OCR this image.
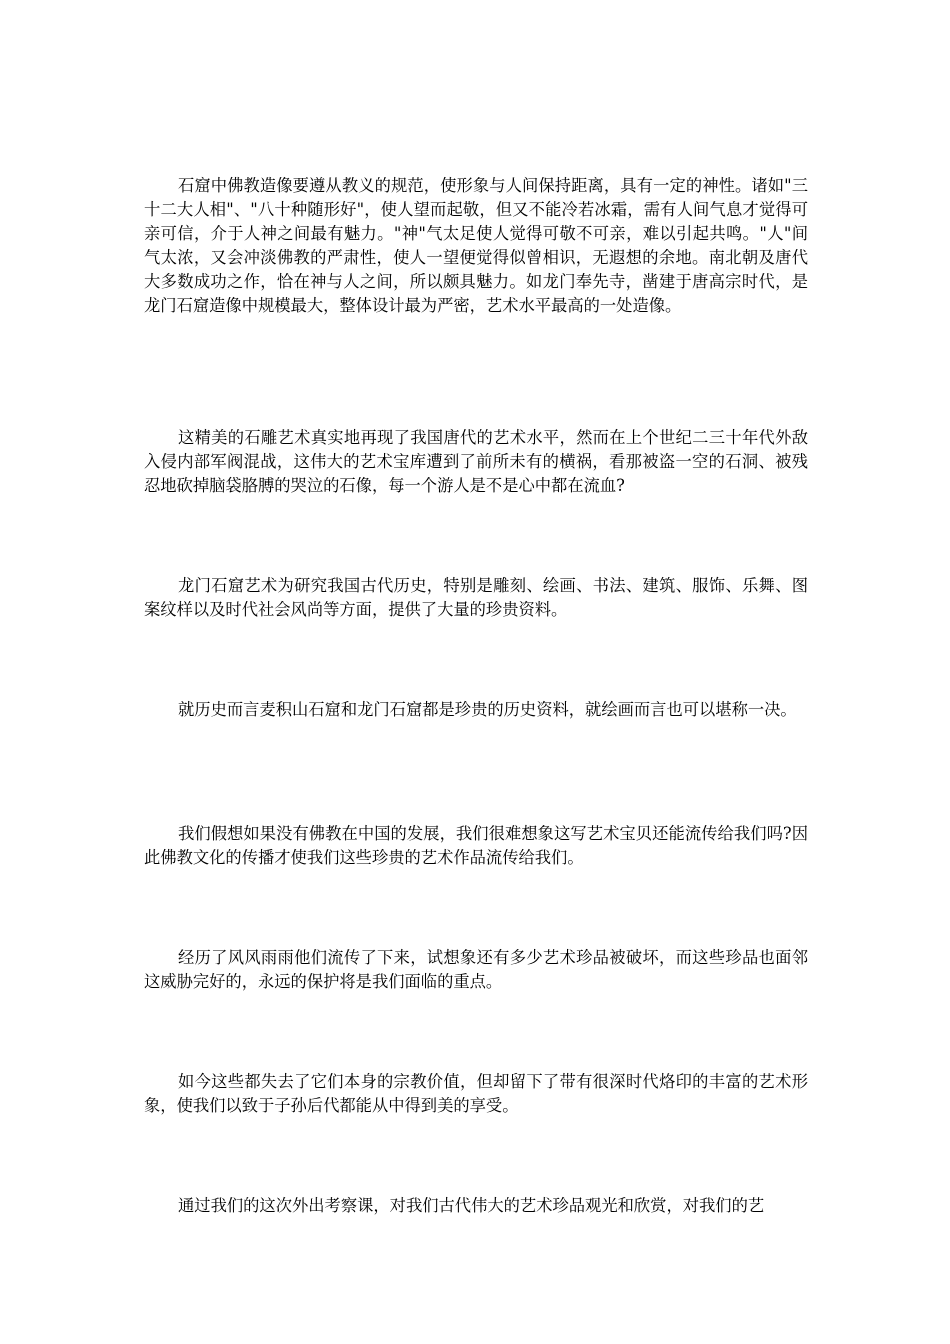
石窟中佛教造像要遵从教义的规范，使形象与人间保持距离，具有一定的神性。诸如"三十二大人相"、"八十种随形好"，使人望而起敬，但又不能冷若冰霜，需有人间气息才觉得可亲可信，介于人神之间最有魅力。"神"气太足使人觉得可敬不可亲，难以引起共鸣。"人"间气太浓，又会冲淡佛教的严肃性，使人一望便觉得似曾相识，无遐想的余地。南北朝及唐代大多数成功之作，恰在神与人之间，所以颇具魅力。如龙门奉先寺，凿建于唐高宗时代，是龙门石窟造像中规模最大，整体设计最为严密，艺术水平最高的一处造像。

这精美的石雕艺术真实地再现了我国唐代的艺术水平，然而在上个世纪二三十年代外敌入侵内部军阀混战，这伟大的艺术宝库遭到了前所未有的横祸，看那被盗一空的石洞、被残忍地砍掉脑袋胳膊的哭泣的石像，每一个游人是不是心中都在流血?

龙门石窟艺术为研究我国古代历史，特别是雕刻、绘画、书法、建筑、服饰、乐舞、图案纹样以及时代社会风尚等方面，提供了大量的珍贵资料。

就历史而言麦积山石窟和龙门石窟都是珍贵的历史资料，就绘画而言也可以堪称一决。

我们假想如果没有佛教在中国的发展，我们很难想象这写艺术宝贝还能流传给我们吗?因此佛教文化的传播才使我们这些珍贵的艺术作品流传给我们。

经历了风风雨雨他们流传了下来，试想象还有多少艺术珍品被破坏，而这些珍品也面邻这威胁完好的，永远的保护将是我们面临的重点。

如今这些都失去了它们本身的宗教价值，但却留下了带有很深时代烙印的丰富的艺术形象，使我们以致于子孙后代都能从中得到美的享受。

通过我们的这次外出考察课，对我们古代伟大的艺术珍品观光和欣赏，对我们的艺
